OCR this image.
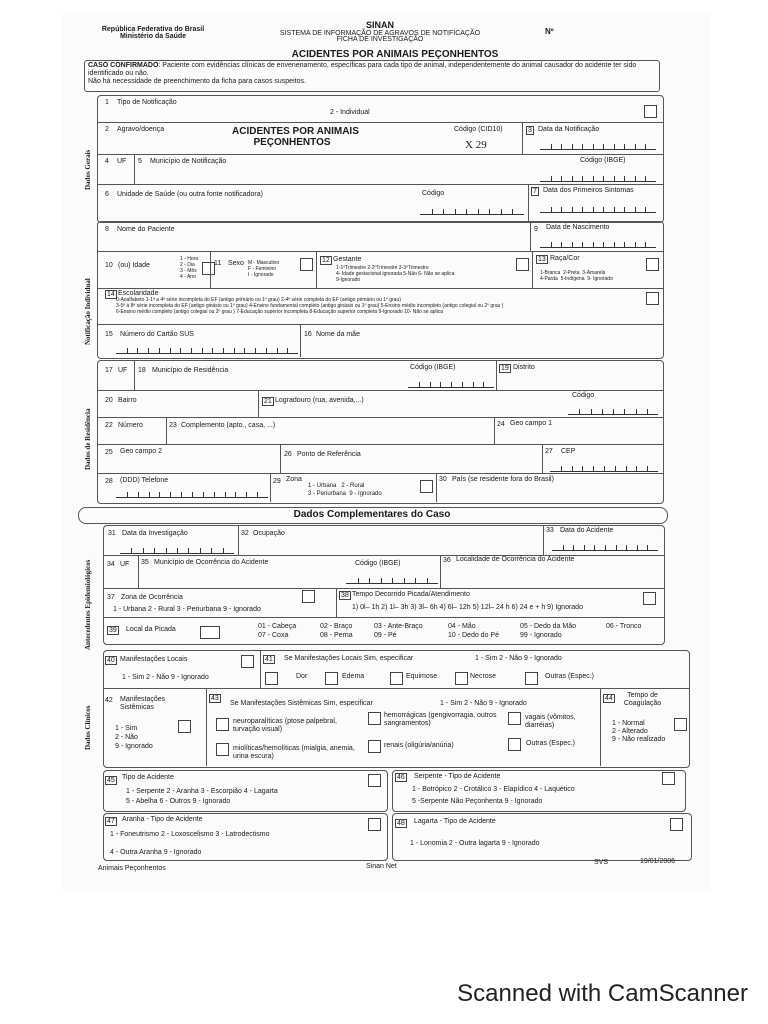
República Federativa do Brasil
Ministério da Saúde
SINAN
SISTEMA DE INFORMAÇÃO DE AGRAVOS DE NOTIFICAÇÃO
FICHA DE INVESTIGAÇÃO
Nº
ACIDENTES POR ANIMAIS PEÇONHENTOS
CASO CONFIRMADO: Paciente com evidências clínicas de envenenamento, específicas para cada tipo de animal, independentemente do animal causador do acidente ter sido identificado ou não.
Não há necessidade de preenchimento da ficha para casos suspeitos.
Dados Gerais
Notificação Individual
Dados de Residência
Antecedentes Epidemiológicos
Dados Clínicos
1 Tipo de Notificação
2 - Individual
2 Agravo/doença	ACIDENTES POR ANIMAIS
PEÇONHENTOS
Código (CID10)
X 29
3 Data da Notificação
4 UF 5 Município de Notificação	Código (IBGE)
6 Unidade de Saúde (ou outra fonte notificadora)	Código	7 Data dos Primeiros Sintomas
8 Nome do Paciente	9 Data de Nascimento
10 (ou) Idade
1 - Hora
2 - Dia
3 - Mês
4 - Ano
11 Sexo M - Masculino
F - Feminino
I - Ignorado
12 Gestante
1-1ºTrimestre 2-2ºTrimestre 3-3ºTrimestre
4- Idade gestacional ignorada 5-Não 6- Não se aplica
9-Ignorado
13 Raça/Cor
1-Branca 2-Preta 3-Amarela
4-Parda 5-Indígena 9- Ignorado
14 Escolaridade
0-Analfabeto 1-1ª a 4ª série incompleta do EF (antigo primário ou 1º grau) 2-4ª série completa do EF (antigo primário ou 1º grau)
3-5ª à 8ª série incompleta do EF (antigo ginásio ou 1º grau) 4-Ensino fundamental completo (antigo ginásio ou 1º grau) 5-Ensino médio incompleto (antigo colegial ou 2º grau )
6-Ensino médio completo (antigo colegial ou 2º grau ) 7-Educação superior incompleta 8-Educação superior completa 9-Ignorado 10- Não se aplica
15 Número do Cartão SUS	16 Nome da mãe
17 UF 18 Município de Residência	Código (IBGE)	19 Distrito
20 Bairro	21 Logradouro (rua, avenida,...)
Código
22 Número	23 Complemento (apto., casa, ...)	24 Geo campo 1
25 Geo campo 2	26 Ponto de Referência	27 CEP
28 (DDD) Telefone	29 Zona
1 - Urbana 2 - Rural
3 - Periurbana 9 - Ignorado
30 País (se residente fora do Brasil)
Dados Complementares do Caso
31 Data da Investigação	32 Ocupação	33 Data do Acidente
34 UF 35 Município de Ocorrência do Acidente	Código (IBGE)	36 Localidade de Ocorrência do Acidente
37 Zona de Ocorrência
1 - Urbana 2 - Rural 3 - Periurbana 9 - Ignorado
38 Tempo Decorrido Picada/Atendimento
1) 0l– 1h 2) 1l– 3h 3) 3l– 6h 4) 6l– 12h 5) 12l– 24 h 6) 24 e + h 9) Ignorado
39 Local da Picada	01 - Cabeça
07 - Coxa
02 - Braço
08 - Perna
03 - Ante-Braço
09 - Pé
04 - Mão
10 - Dedo do Pé
05 - Dedo da Mão
99 - Ignorado
06 - Tronco
40 Manifestações Locais
1 - Sim 2 - Não 9 - Ignorado
41 Se Manifestações Locais Sim, especificar	1 - Sim 2 - Não 9 - Ignorado
Dor	Edema	Equimose	Necrose	Outras (Espec.)
42 Manifestações Sistêmicas
1 - Sim
2 - Não
9 - Ignorado
43
Se Manifestações Sistêmicas Sim, especificar	1 - Sim 2 - Não 9 - Ignorado
neuroparalíticas (ptose palpebral, turvação visual)
hemorrágicas (gengivorragia, outros sangramentos)
vagais (vômitos, diarréias)
miolíticas/hemolíticas (mialgia, anemia, urina escura)
renais (oligúria/anúria)	Outras (Espec.)
44	Tempo de Coagulação
1 - Normal
2 - Alterado
9 - Não realizado
45 Tipo de Acidente
1 - Serpente 2 - Aranha 3 - Escorpião 4 - Lagarta
5 - Abelha 6 - Outros 9 - Ignorado
46 Serpente - Tipo de Acidente
1 - Botrópico 2 - Crotálico 3 - Elapídico 4 - Laquético
5 -Serpente Não Peçonhenta 9 - Ignorado
47 Aranha - Tipo de Acidente
1 - Foneutrismo 2 - Loxoscelismo 3 - Latrodectismo
4 - Outra Aranha 9 - Ignorado
48 Lagarta - Tipo de Acidente
1 - Lonomia 2 - Outra lagarta 9 - Ignorado
Animais Peçonhentos	Sinan Net
SVS	19/01/2006
Scanned with CamScanner
